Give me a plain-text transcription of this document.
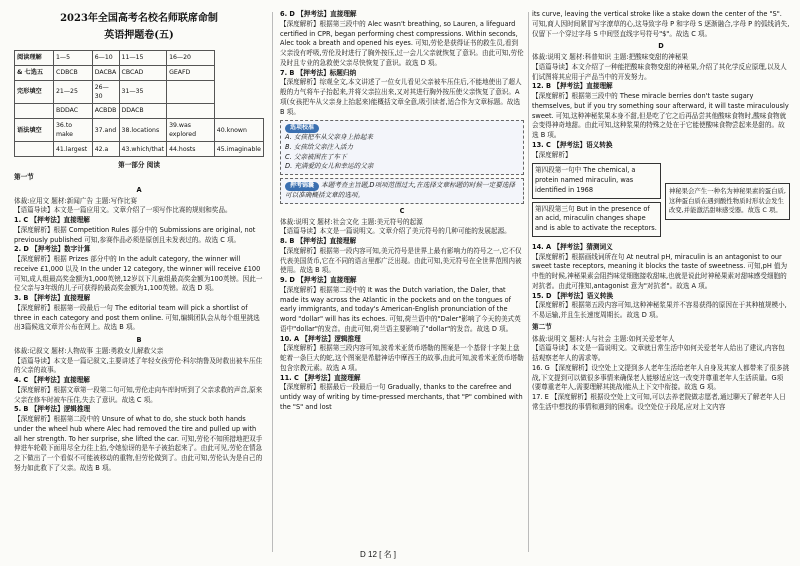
2023年全国高考名校名师联席命制
英语押题卷(五)
阅读理解	1—5	6—10	11—15	16—20	
& 七选五	CDBCB	DACBA	CBCAD	GEAFD	
完形填空	21—25	26—30	31—35		
	BDDAC	ACBDB	DDACB		
语法填空	36.to make	37.and	38.locations	39.was explored	40.known
	41.largest	42.a	43.which/that	44.hosts	45.imaginable
第一部分 阅读
第一节
A

体裁:应用文 题材:新闻广告 主题:写作比赛

【语篇导读】本文是一篇应用文。文章介绍了一项写作比赛的规则和奖品。

1. C 【押考法】直接理解

【深度解析】根据 Competition Rules 部分中的 Submissions are original, not previously published 可知,参赛作品必须是原创且未发表过的。故选 C 项。

2. D 【押考法】数字计算

【深度解析】根据 Prizes 部分中的 In the adult category, the winner will receive £1,000 以及 In the under 12 category, the winner will receive £100 可知,成人组最高奖金额为1,000英镑,12岁以下儿童组最高奖金额为100英镑。因此一位父亲与3年级的儿子可获得的最高奖金额为1,100英镑。故选 D 项。

3. B 【押考法】直接理解

【深度解析】根据第一段最后一句 The editorial team will pick a shortlist of three in each category and post them online. 可知,编辑团队会从每个组里挑选出3篇候选文章并公布在网上。故选 B 项。

B

体裁:记叙文 题材:人物故事 主题:勇救女儿解救父亲

【语篇导读】本文是一篇记叙文,主要讲述了年轻女孩劳伦·科尔纳鲁及时救出被车压住的父亲的故事。

4. C 【押考法】直接理解

【深度解析】根据文章第一段第二句可知,劳伦走向车库时听到了父亲求救的声音,原来父亲在修车时被车压住,失去了意识。故选 C 项。

5. B 【押考法】逻辑推理

【深度解析】根据第二段中的 Unsure of what to do, she stuck both hands under the wheel hub where Alec had removed the tire and pulled up with all her strength. To her surprise, she lifted the car. 可知,劳伦不知所措地把双手伸进车轮毂下面用尽全力往上抬,令她惊讶的是车子被抬起来了。由此可见,劳伦在情急之下做出了一个看似不可能被移动的重物,但劳伦做到了。由此可知,劳伦认为是自己的努力如此救下了父亲。故选 B 项。

6. D 【押考法】直接理解

【深度解析】根据第三段中的 Alec wasn't breathing, so Lauren, a lifeguard certified in CPR, began performing chest compressions. Within seconds, Alec took a breath and opened his eyes. 可知,劳伦是获得证书的救生员,看到父亲没有呼吸,劳伦及时进行了胸外按压,过一会儿父亲就恢复了意识。由此可知,劳伦及时且专业的急救使父亲尽快恢复了意识。故选 D 项。

7. B 【押考法】标题归纳

【深度解析】综观全文,本文讲述了一位女儿看见父亲被车压住后,不能地使出了超人般的力气将车子抬起来,并将父亲拉出来,又对其进行胸外按压使父亲恢复了意识。A项(女孩把车从父亲身上抬起来)能概括文章全意,吸引读者,适合作为文章标题。故选 B 项。

选项校准

A. 女孩把车从父亲身上抬起来

B. 女孩给父亲注入活力

C. 父亲被困在了车下

D. 充满爱的女儿和幸运的父亲

押考锦囊 本题考查主旨题,D项项范围过大,在选择文章标题的时候一定要选择可以准确概括文章的选项。
C

体裁:说明文 题材:社会文化 主题:美元符号的起源

【语篇导读】本文是一篇说明文。文章介绍了美元符号的几种可能的发展起源。

8. B 【押考法】直接理解

【深度解析】根据第一段内容可知,美元符号是世界上最有影响力的符号之一,它不仅代表美国货币,它在不同的语言里都广泛出现。由此可知,美元符号在全世界范围内被使用。故选 B 项。

9. D 【押考法】直接理解

【深度解析】根据第二段中的 It was the Dutch variation, the Daler, that made its way across the Atlantic in the pockets and on the tongues of early immigrants, and today's American-English pronunciation of the word "dollar" will has its echoes. 可知,荷兰语中的"Daler"影响了今天的美式英语中"dollar"的发音。由此可知,荷兰语主要影响了"dollar"的发音。故选 D 项。

10. A 【押考法】逻辑推理

【深度解析】根据第三段内容可知,波希米亚货币塔勒的图案是一个基督十字架上盘蛇着一条巨大的蛇,这个图案是希腊神话中摩西王的故事,由此可知,波希米亚货币塔勒包含宗教元素。故选 A 项。

11. C 【押考法】直接理解

【深度解析】根据最后一段最后一句 Gradually, thanks to the carefree and untidy way of writing by time-pressed merchants, that "P" combined with the "S" and lost

its curve, leaving the vertical stroke like a stake down the center of the "S". 可知,商人因时间紧冒写字潦草的心,这导致字母 P 和字母 S 逐渐融合,字母 P 的弧线消失,仅留下一个穿过字母 S 中间竖直线字号符号"$"。故选 C 项。

D

体裁:说明文 题材:科普知识 主题:把酸味变甜的神秘果

【语篇导读】本文介绍了一种能把酸味食物变甜的神秘果,介绍了其化学反应原理,以及人们试图将其应用于产品当中的开发努力。

12. B 【押考法】直接理解

【深度解析】根据第三段中的 These miracle berries don't taste sugary themselves, but if you try something sour afterward, it will taste miraculously sweet. 可知,这种神秘浆果本身不甜,但是吃了它之后再品尝其他酸味食物时,酸味食物就会变得神奇地甜。由此可知,这种浆果的特殊之处在于它能使酸味食物尝起来是甜的。故选 B 项。

13. C 【押考法】语义转换

【深度解析】

第四段第一句中 The chemical, a protein named miraculin, was identified in 1968
第四段第三句 But in the presence of an acid, miraculin changes shape and is able to activate the receptors.
神秘果会产生一种名为神秘果素的蛋白质,这种蛋白质在遇到酸性物质时形状会发生改变,并能激活甜味感受器。故选 C 项。

14. A 【押考法】猜测词义

【深度解析】根据画线词所在句 At neutral pH, miraculin is an antagonist to our sweet taste receptors, meaning it blocks the taste of sweetness. 可知,pH 值为中性的时候,神秘果素会阻挡味觉细胞接收甜味,也就是说此时神秘果素对甜味感受细胞的对抗者。由此可推知,antagonist 意为"对抗者"。故选 A 项。

15. D 【押考法】语义转换

【深度解析】根据第五段内容可知,这种神秘浆果并不容易获得的原因在于其种植规模小,不易运输,并且生长速度周期长。故选 D 项。

第二节

体裁:说明文 题材:人与社会 主题:如何关爱老年人

【语篇导读】本文是一篇说明文。文章就日常生活中如何关爱老年人给出了建议,内容包括观察老年人的需求等。

16. G 【深度解析】设空处上文提到多人老年生活给老年人自身及其家人都带来了很多挑战,下文提到可以做很多事情来确保老人能够适应这一改变并尊重老年人生活质量。G项(要尊重老年人,需要理解其挑战)能从上下文中衔接。故选 G 项。

17. E 【深度解析】根据设空处上文可知,可以去养老院做志愿者,通过聊天了解老年人日常生活中想找的事情和遇到的困难。设空处位于段尾,应对上文内容

D 12 [ 名 ]
